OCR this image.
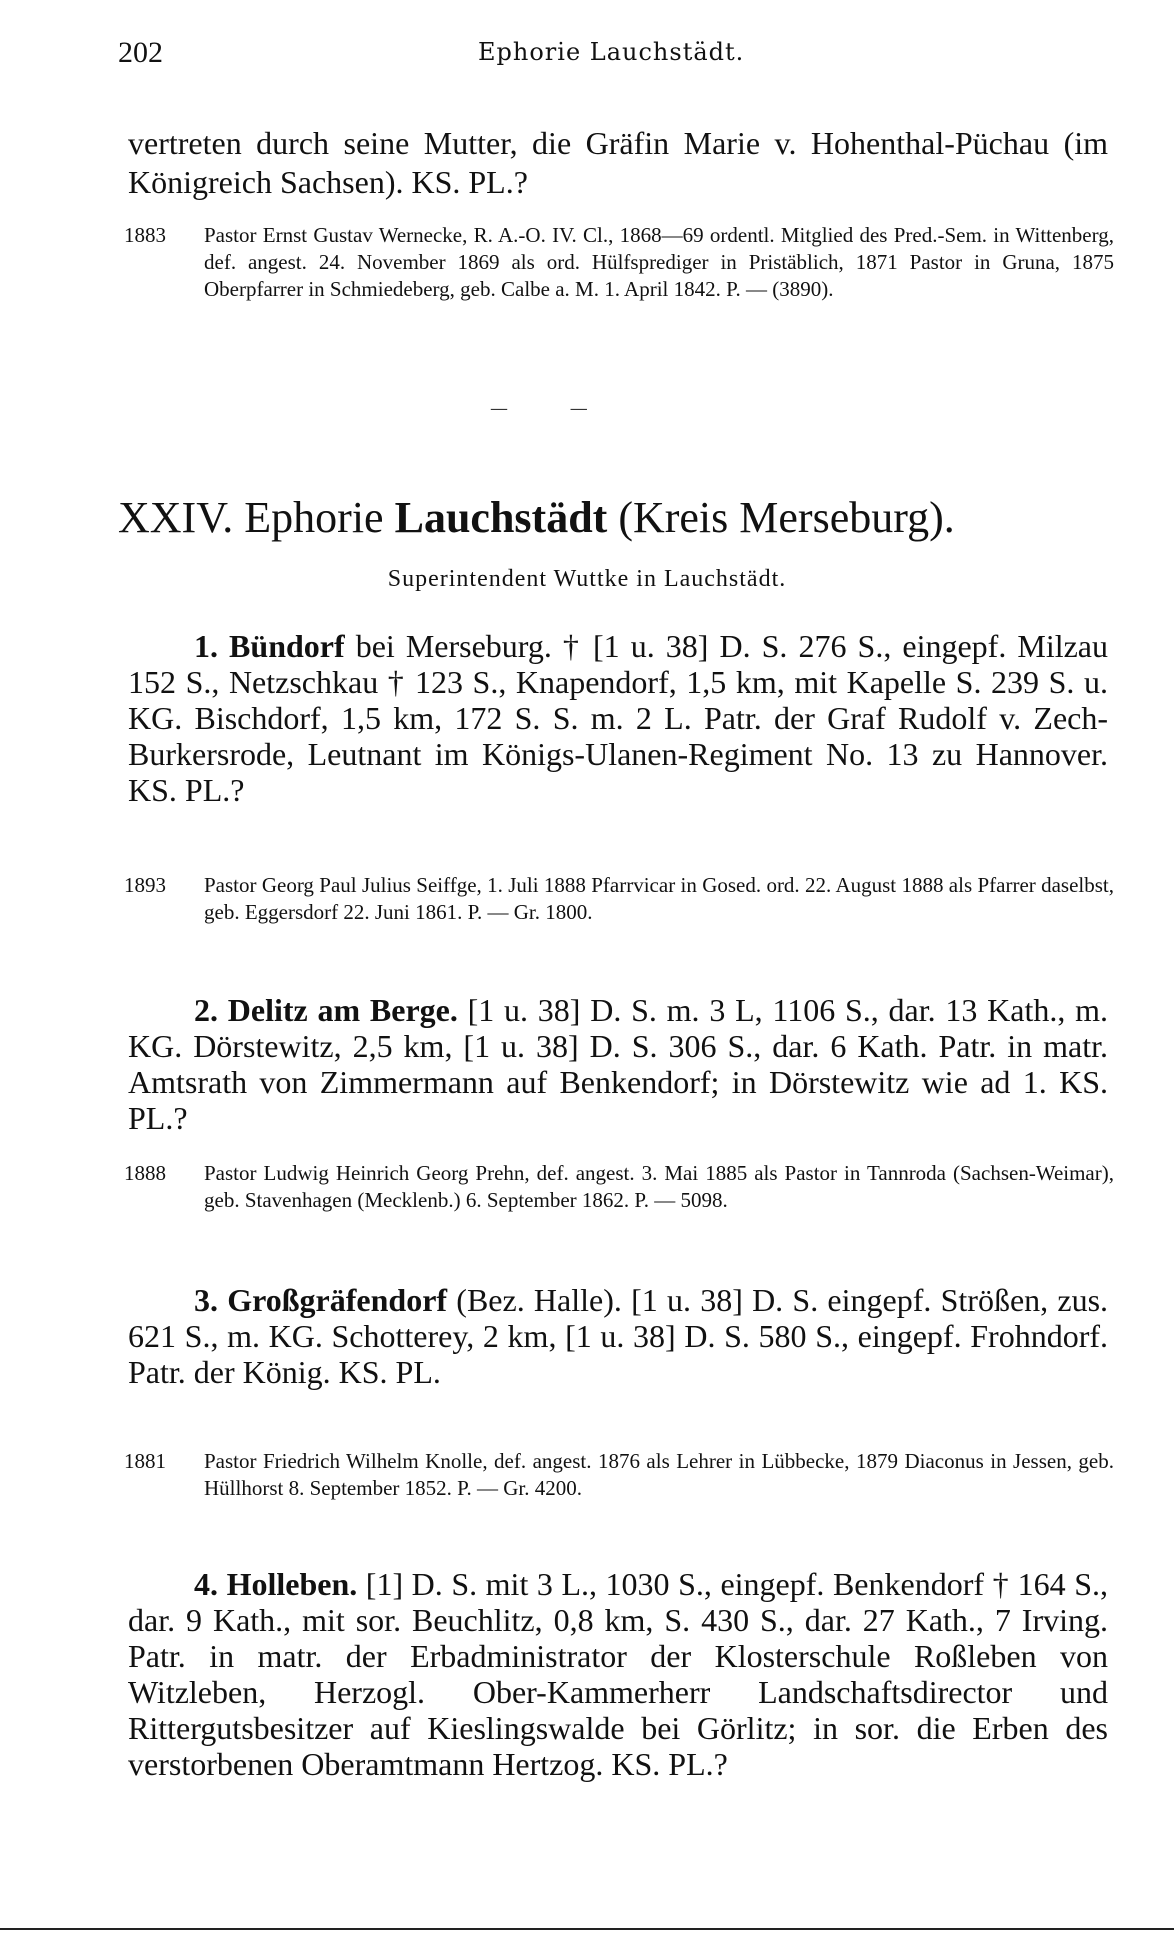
202	Ephorie Lauchstädt.
vertreten durch seine Mutter, die Gräfin Marie v. Hohenthal-Püchau (im Königreich Sachsen). KS. PL.?
1883	Pastor Ernst Gustav Wernecke, R. A.-O. IV. Cl., 1868—69 ordentl. Mitglied des Pred.-Sem. in Wittenberg, def. angest. 24. November 1869 als ord. Hülfsprediger in Pristäblich, 1871 Pastor in Gruna, 1875 Oberpfarrer in Schmiedeberg, geb. Calbe a. M. 1. April 1842. P. — (3890).
— —
XXIV. Ephorie Lauchstädt (Kreis Merseburg).
Superintendent Wuttke in Lauchstädt.
1. Bündorf bei Merseburg. † [1 u. 38] D. S. 276 S., eingepf. Milzau 152 S., Netzschkau † 123 S., Knapendorf, 1,5 km, mit Kapelle S. 239 S. u. KG. Bischdorf, 1,5 km, 172 S. S. m. 2 L. Patr. der Graf Rudolf v. Zech-Burkersrode, Leutnant im Königs-Ulanen-Regiment No. 13 zu Hannover. KS. PL.?
1893	Pastor Georg Paul Julius Seiffge, 1. Juli 1888 Pfarrvicar in Gosed. ord. 22. August 1888 als Pfarrer daselbst, geb. Eggersdorf 22. Juni 1861. P. — Gr. 1800.
2. Delitz am Berge. [1 u. 38] D. S. m. 3 L, 1106 S., dar. 13 Kath., m. KG. Dörstewitz, 2,5 km, [1 u. 38] D. S. 306 S., dar. 6 Kath. Patr. in matr. Amtsrath von Zimmermann auf Benkendorf; in Dörstewitz wie ad 1. KS. PL.?
1888	Pastor Ludwig Heinrich Georg Prehn, def. angest. 3. Mai 1885 als Pastor in Tannroda (Sachsen-Weimar), geb. Stavenhagen (Mecklenb.) 6. September 1862. P. — 5098.
3. Großgräfendorf (Bez. Halle). [1 u. 38] D. S. eingepf. Strößen, zus. 621 S., m. KG. Schotterey, 2 km, [1 u. 38] D. S. 580 S., eingepf. Frohndorf. Patr. der König. KS. PL.
1881	Pastor Friedrich Wilhelm Knolle, def. angest. 1876 als Lehrer in Lübbecke, 1879 Diaconus in Jessen, geb. Hüllhorst 8. September 1852. P. — Gr. 4200.
4. Holleben. [1] D. S. mit 3 L., 1030 S., eingepf. Benkendorf † 164 S., dar. 9 Kath., mit sor. Beuchlitz, 0,8 km, S. 430 S., dar. 27 Kath., 7 Irving. Patr. in matr. der Erbadministrator der Klosterschule Roßleben von Witzleben, Herzogl. Ober-Kammerherr Landschaftsdirector und Rittergutsbesitzer auf Kieslingswalde bei Görlitz; in sor. die Erben des verstorbenen Oberamtmann Hertzog. KS. PL.?
